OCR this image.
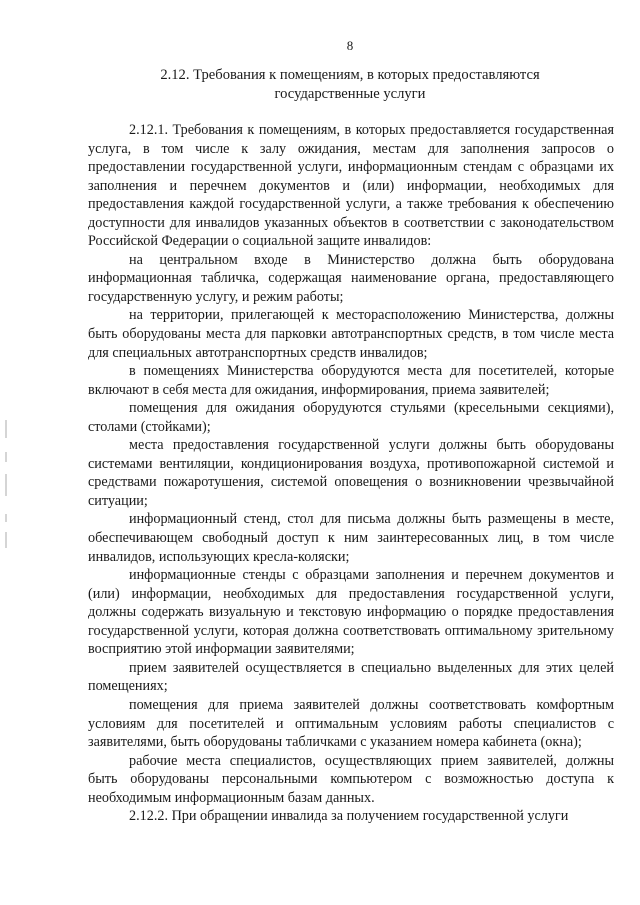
8
2.12. Требования к помещениям, в которых предоставляются
государственные услуги

2.12.1. Требования к помещениям, в которых предоставляется государственная услуга, в том числе к залу ожидания, местам для заполнения запросов о предоставлении государственной услуги, информационным стендам с образцами их заполнения и перечнем документов и (или) информации, необходимых для предоставления каждой государственной услуги, а также требования к обеспечению доступности для инвалидов указанных объектов в соответствии с законодательством Российской Федерации о социальной защите инвалидов:

на центральном входе в Министерство должна быть оборудована информационная табличка, содержащая наименование органа, предоставляющего государственную услугу, и режим работы;

на территории, прилегающей к месторасположению Министерства, должны быть оборудованы места для парковки автотранспортных средств, в том числе места для специальных автотранспортных средств инвалидов;

в помещениях Министерства оборудуются места для посетителей, которые включают в себя места для ожидания, информирования, приема заявителей;

помещения для ожидания оборудуются стульями (кресельными секциями), столами (стойками);

места предоставления государственной услуги должны быть оборудованы системами вентиляции, кондиционирования воздуха, противопожарной системой и средствами пожаротушения, системой оповещения о возникновении чрезвычайной ситуации;

информационный стенд, стол для письма должны быть размещены в месте, обеспечивающем свободный доступ к ним заинтересованных лиц, в том числе инвалидов, использующих кресла-коляски;

информационные стенды с образцами заполнения и перечнем документов и (или) информации, необходимых для предоставления государственной услуги, должны содержать визуальную и текстовую информацию о порядке предоставления государственной услуги, которая должна соответствовать оптимальному зрительному восприятию этой информации заявителями;

прием заявителей осуществляется в специально выделенных для этих целей помещениях;

помещения для приема заявителей должны соответствовать комфортным условиям для посетителей и оптимальным условиям работы специалистов с заявителями, быть оборудованы табличками с указанием номера кабинета (окна);

рабочие места специалистов, осуществляющих прием заявителей, должны быть оборудованы персональными компьютером с возможностью доступа к необходимым информационным базам данных.

2.12.2. При обращении инвалида за получением государственной услуги
